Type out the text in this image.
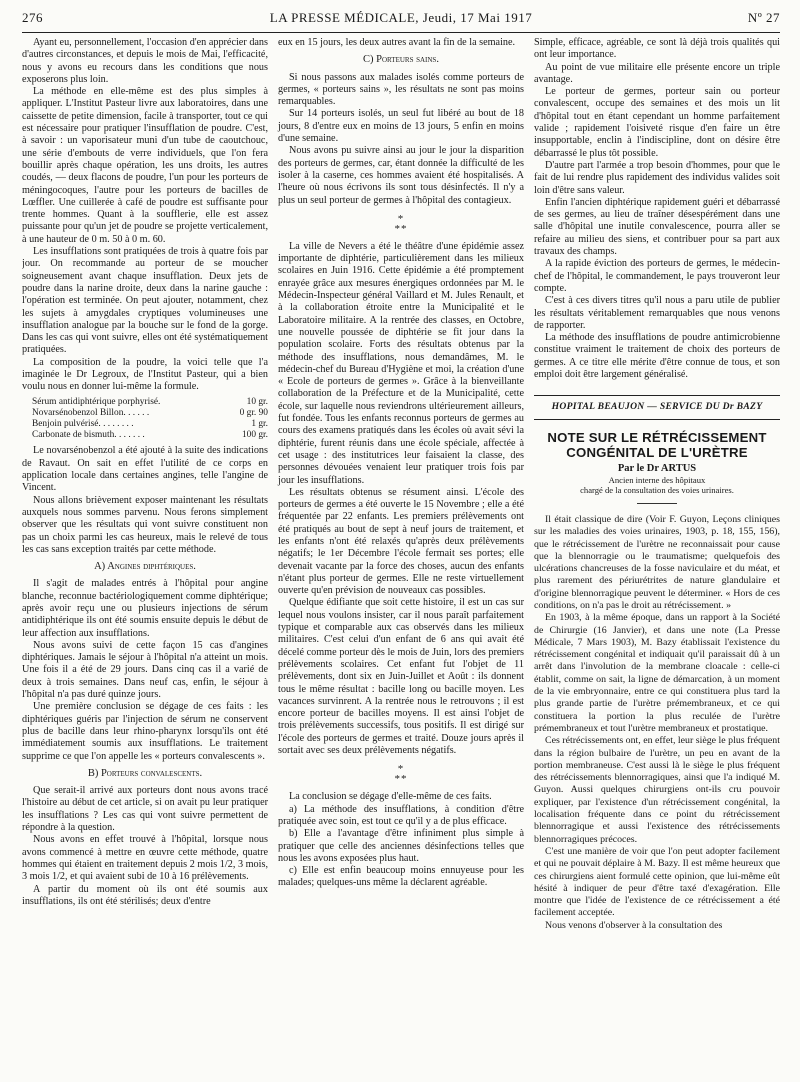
276	LA PRESSE MÉDICALE, Jeudi, 17 Mai 1917	Nº 27

Ayant eu, personnellement, l'occasion d'en apprécier dans d'autres circonstances, et depuis le mois de Mai, l'efficacité, nous y avons eu recours dans les conditions que nous exposerons plus loin.

La méthode en elle-même est des plus simples à appliquer. L'Institut Pasteur livre aux laboratoires, dans une caissette de petite dimension, facile à transporter, tout ce qui est nécessaire pour pratiquer l'insufflation de poudre. C'est, à savoir : un vaporisateur muni d'un tube de caoutchouc, une série d'embouts de verre individuels, que l'on fera bouillir après chaque opération, les uns droits, les autres coudés, — deux flacons de poudre, l'un pour les porteurs de méningocoques, l'autre pour les porteurs de bacilles de Lœffler. Une cuillerée à café de poudre est suffisante pour trente hommes. Quant à la soufflerie, elle est assez puissante pour qu'un jet de poudre se projette verticalement, à une hauteur de 0 m. 50 à 0 m. 60.

Les insufflations sont pratiquées de trois à quatre fois par jour. On recommande au porteur de se moucher soigneusement avant chaque insufflation. Deux jets de poudre dans la narine droite, deux dans la narine gauche : l'opération est terminée. On peut ajouter, notamment, chez les sujets à amygdales cryptiques volumineuses une insufflation analogue par la bouche sur le fond de la gorge. Dans les cas qui vont suivre, elles ont été systématiquement pratiquées.

La composition de la poudre, la voici telle que l'a imaginée le Dr Legroux, de l'Institut Pasteur, qui a bien voulu nous en donner lui-même la formule.

Sérum antidiphtérique porphyrisé.	10 gr.
Novarsénobenzol Billon. . . . . .	0 gr. 90
Benjoin pulvérisé. . . . . . . .	1 gr.
Carbonate de bismuth. . . . . . .	100 gr.

Le novarsénobenzol a été ajouté à la suite des indications de Ravaut. On sait en effet l'utilité de ce corps en application locale dans certaines angines, telle l'angine de Vincent.

Nous allons brièvement exposer maintenant les résultats auxquels nous sommes parvenu. Nous ferons simplement observer que les résultats qui vont suivre constituent non pas un choix parmi les cas heureux, mais le relevé de tous les cas sans exception traités par cette méthode.

A) Angines diphtériques.

Il s'agit de malades entrés à l'hôpital pour angine blanche, reconnue bactériologiquement comme diphtérique; après avoir reçu une ou plusieurs injections de sérum antidiphtérique ils ont été soumis ensuite depuis le début de leur affection aux insufflations.

Nous avons suivi de cette façon 15 cas d'angines diphtériques. Jamais le séjour à l'hôpital n'a atteint un mois. Une fois il a été de 29 jours. Dans cinq cas il a varié de deux à trois semaines. Dans neuf cas, enfin, le séjour à l'hôpital n'a pas duré quinze jours.

Une première conclusion se dégage de ces faits : les diphtériques guéris par l'injection de sérum ne conservent plus de bacille dans leur rhino-pharynx lorsqu'ils ont été immédiatement soumis aux insufflations. Le traitement supprime ce que l'on appelle les « porteurs convalescents ».

B) Porteurs convalescents.

Que serait-il arrivé aux porteurs dont nous avons tracé l'histoire au début de cet article, si on avait pu leur pratiquer les insufflations ? Les cas qui vont suivre permettent de répondre à la question.

Nous avons en effet trouvé à l'hôpital, lorsque nous avons commencé à mettre en œuvre cette méthode, quatre hommes qui étaient en traitement depuis 2 mois 1/2, 3 mois, 3 mois 1/2, et qui avaient subi de 10 à 16 prélèvements.

A partir du moment où ils ont été soumis aux insufflations, ils ont été stérilisés; deux d'entre

eux en 15 jours, les deux autres avant la fin de la semaine.

C) Porteurs sains.

Si nous passons aux malades isolés comme porteurs de germes, « porteurs sains », les résultats ne sont pas moins remarquables.

Sur 14 porteurs isolés, un seul fut libéré au bout de 18 jours, 8 d'entre eux en moins de 13 jours, 5 enfin en moins d'une semaine.

Nous avons pu suivre ainsi au jour le jour la disparition des porteurs de germes, car, étant donnée la difficulté de les isoler à la caserne, ces hommes avaient été hospitalisés. A l'heure où nous écrivons ils sont tous désinfectés. Il n'y a plus un seul porteur de germes à l'hôpital des contagieux.

*
**

La ville de Nevers a été le théâtre d'une épidémie assez importante de diphtérie, particulièrement dans les milieux scolaires en Juin 1916. Cette épidémie a été promptement enrayée grâce aux mesures énergiques ordonnées par M. le Médecin-Inspecteur général Vaillard et M. Jules Renault, et à la collaboration étroite entre la Municipalité et le Laboratoire militaire. A la rentrée des classes, en Octobre, une nouvelle poussée de diphtérie se fit jour dans la population scolaire. Forts des résultats obtenus par la méthode des insufflations, nous demandâmes, M. le médecin-chef du Bureau d'Hygiène et moi, la création d'une « Ecole de porteurs de germes ». Grâce à la bienveillante collaboration de la Préfecture et de la Municipalité, cette école, sur laquelle nous reviendrons ultérieurement ailleurs, fut fondée. Tous les enfants reconnus porteurs de germes au cours des examens pratiqués dans les écoles où avait sévi la diphtérie, furent réunis dans une école spéciale, affectée à cet usage : des institutrices leur faisaient la classe, des personnes dévouées venaient leur pratiquer trois fois par jour les insufflations.

Les résultats obtenus se résument ainsi. L'école des porteurs de germes a été ouverte le 15 Novembre ; elle a été fréquentée par 22 enfants. Les premiers prélèvements ont été pratiqués au bout de sept à neuf jours de traitement, et les enfants n'ont été relaxés qu'après deux prélèvements négatifs; le 1er Décembre l'école fermait ses portes; elle devenait vacante par la force des choses, aucun des enfants n'étant plus porteur de germes. Elle ne reste virtuellement ouverte qu'en prévision de nouveaux cas possibles.

Quelque édifiante que soit cette histoire, il est un cas sur lequel nous voulons insister, car il nous paraît parfaitement typique et comparable aux cas observés dans les milieux militaires. C'est celui d'un enfant de 6 ans qui avait été décelé comme porteur dès le mois de Juin, lors des premiers prélèvements scolaires. Cet enfant fut l'objet de 11 prélèvements, dont six en Juin-Juillet et Août : ils donnent tous le même résultat : bacille long ou bacille moyen. Les vacances survinrent. A la rentrée nous le retrouvons ; il est encore porteur de bacilles moyens. Il est ainsi l'objet de trois prélèvements successifs, tous positifs. Il est dirigé sur l'école des porteurs de germes et traité. Douze jours après il sortait avec ses deux prélèvements négatifs.

*
**

La conclusion se dégage d'elle-même de ces faits.

a) La méthode des insufflations, à condition d'être pratiquée avec soin, est tout ce qu'il y a de plus efficace.

b) Elle a l'avantage d'être infiniment plus simple à pratiquer que celle des anciennes désinfections telles que nous les avons exposées plus haut.

c) Elle est enfin beaucoup moins ennuyeuse pour les malades; quelques-uns même la déclarent agréable.

Simple, efficace, agréable, ce sont là déjà trois qualités qui ont leur importance.

Au point de vue militaire elle présente encore un triple avantage.

Le porteur de germes, porteur sain ou porteur convalescent, occupe des semaines et des mois un lit d'hôpital tout en étant cependant un homme parfaitement valide ; rapidement l'oisiveté risque d'en faire un être insupportable, enclin à l'indiscipline, dont on désire être débarrassé le plus tôt possible.

D'autre part l'armée a trop besoin d'hommes, pour que le fait de lui rendre plus rapidement des individus valides soit loin d'être sans valeur.

Enfin l'ancien diphtérique rapidement guéri et débarrassé de ses germes, au lieu de traîner désespérément dans une salle d'hôpital une inutile convalescence, pourra aller se refaire au milieu des siens, et contribuer pour sa part aux travaux des champs.

A la rapide éviction des porteurs de germes, le médecin-chef de l'hôpital, le commandement, le pays trouveront leur compte.

C'est à ces divers titres qu'il nous a paru utile de publier les résultats véritablement remarquables que nous venons de rapporter.

La méthode des insufflations de poudre antimicrobienne constitue vraiment le traitement de choix des porteurs de germes. A ce titre elle mérite d'être connue de tous, et son emploi doit être largement généralisé.

HOPITAL BEAUJON — SERVICE DU Dr BAZY
NOTE SUR LE RÉTRÉCISSEMENT CONGÉNITAL DE L'URÈTRE
Par le Dr ARTUS
Ancien interne des hôpitaux
chargé de la consultation des voies urinaires.

Il était classique de dire (Voir F. Guyon, Leçons cliniques sur les maladies des voies urinaires, 1903, p. 18, 155, 156), que le rétrécissement de l'urètre ne reconnaissait pour cause que la blennorragie ou le traumatisme; quelquefois des ulcérations chancreuses de la fosse naviculaire et du méat, et plus rarement des périurétrites de nature glandulaire et d'origine blennorragique peuvent le déterminer. « Hors de ces conditions, on n'a pas le droit au rétrécissement. »

En 1903, à la même époque, dans un rapport à la Société de Chirurgie (16 Janvier), et dans une note (La Presse Médicale, 7 Mars 1903), M. Bazy établissait l'existence du rétrécissement congénital et indiquait qu'il paraissait dû à un arrêt dans l'involution de la membrane cloacale : celle-ci établit, comme on sait, la ligne de démarcation, à un moment de la vie embryonnaire, entre ce qui constituera plus tard la plus grande partie de l'urètre prémembraneux, et ce qui constituera la portion la plus reculée de l'urètre prémembraneux et tout l'urètre membraneux et prostatique.

Ces rétrécissements ont, en effet, leur siège le plus fréquent dans la région bulbaire de l'urètre, un peu en avant de la portion membraneuse. C'est aussi là le siège le plus fréquent des rétrécissements blennorragiques, ainsi que l'a indiqué M. Guyon. Aussi quelques chirurgiens ont-ils cru pouvoir expliquer, par l'existence d'un rétrécissement congénital, la localisation fréquente dans ce point du rétrécissement blennorragique et aussi l'existence des rétrécissements blennorragiques précoces.

C'est une manière de voir que l'on peut adopter facilement et qui ne pouvait déplaire à M. Bazy. Il est même heureux que ces chirurgiens aient formulé cette opinion, que lui-même eût hésité à indiquer de peur d'être taxé d'exagération. Elle montre que l'idée de l'existence de ce rétrécissement a été facilement acceptée.

Nous venons d'observer à la consultation des
